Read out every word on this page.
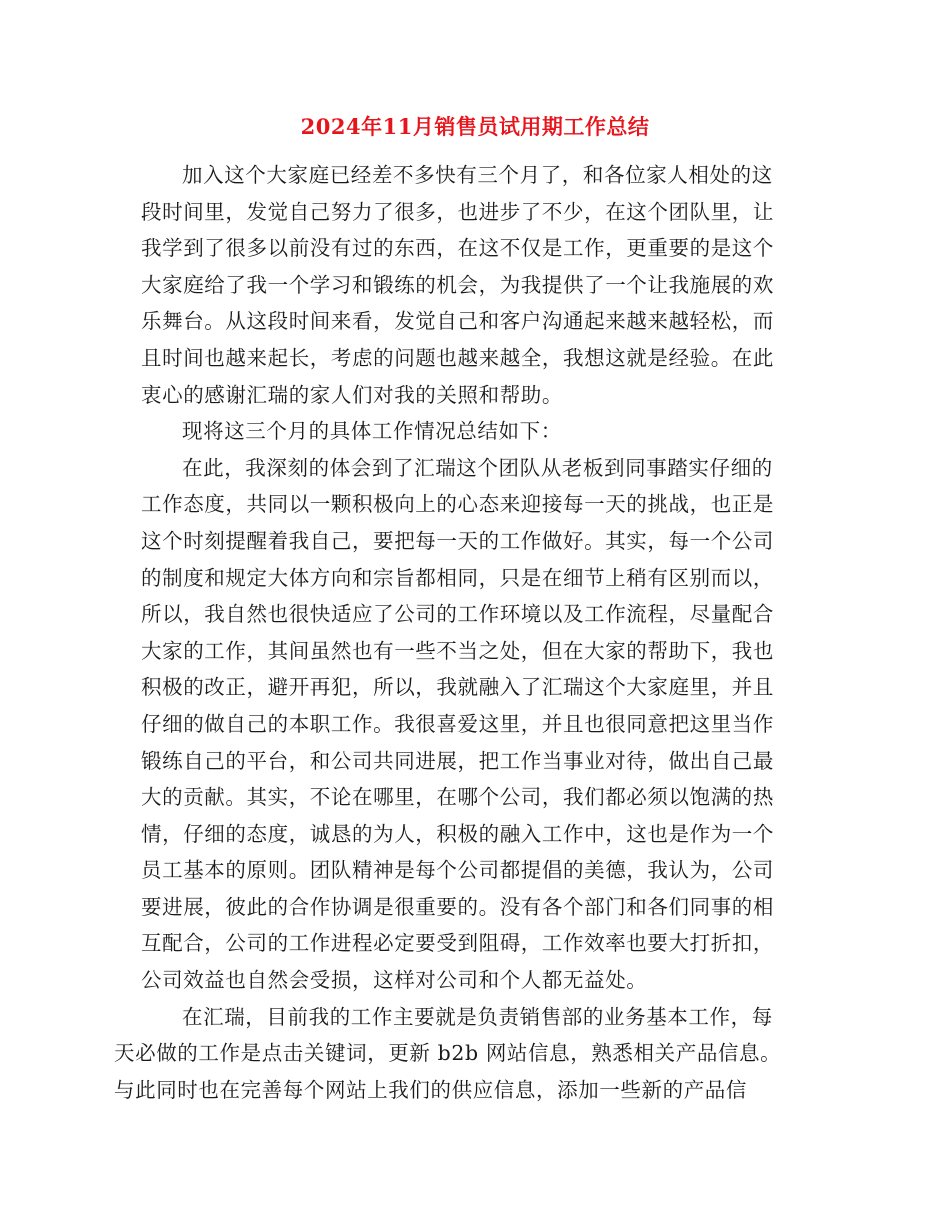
2024年11月销售员试用期工作总结

加入这个大家庭已经差不多快有三个月了，和各位家人相处的这
段时间里，发觉自己努力了很多，也进步了不少，在这个团队里，让
我学到了很多以前没有过的东西，在这不仅是工作，更重要的是这个
大家庭给了我一个学习和锻练的机会，为我提供了一个让我施展的欢
乐舞台。从这段时间来看，发觉自己和客户沟通起来越来越轻松，而
且时间也越来起长，考虑的问题也越来越全，我想这就是经验。在此
衷心的感谢汇瑞的家人们对我的关照和帮助。

现将这三个月的具体工作情况总结如下：

在此，我深刻的体会到了汇瑞这个团队从老板到同事踏实仔细的
工作态度，共同以一颗积极向上的心态来迎接每一天的挑战，也正是
这个时刻提醒着我自己，要把每一天的工作做好。其实，每一个公司
的制度和规定大体方向和宗旨都相同，只是在细节上稍有区别而以，
所以，我自然也很快适应了公司的工作环境以及工作流程，尽量配合
大家的工作，其间虽然也有一些不当之处，但在大家的帮助下，我也
积极的改正，避开再犯，所以，我就融入了汇瑞这个大家庭里，并且
仔细的做自己的本职工作。我很喜爱这里，并且也很同意把这里当作
锻练自己的平台，和公司共同进展，把工作当事业对待，做出自己最
大的贡献。其实，不论在哪里，在哪个公司，我们都必须以饱满的热
情，仔细的态度，诚恳的为人，积极的融入工作中，这也是作为一个
员工基本的原则。团队精神是每个公司都提倡的美德，我认为，公司
要进展，彼此的合作协调是很重要的。没有各个部门和各们同事的相
互配合，公司的工作进程必定要受到阻碍，工作效率也要大打折扣，
公司效益也自然会受损，这样对公司和个人都无益处。

在汇瑞，目前我的工作主要就是负责销售部的业务基本工作，每
天必做的工作是点击关键词，更新 b2b 网站信息，熟悉相关产品信息。
与此同时也在完善每个网站上我们的供应信息，添加一些新的产品信
